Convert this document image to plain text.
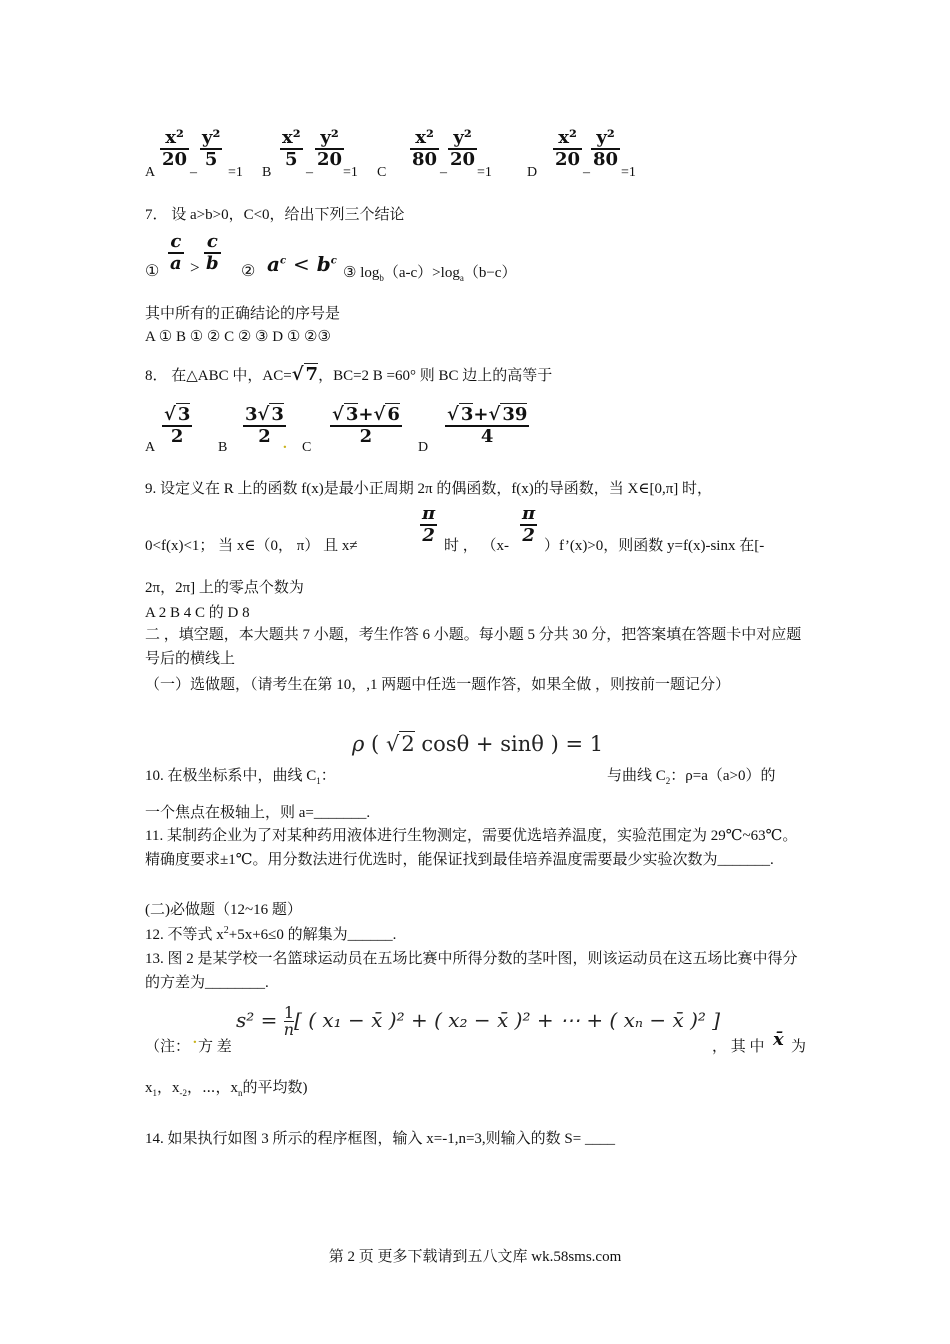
A
$\frac{\text{x²}}{20}$
–
$\frac{\text{y²}}{5}$
=1 B
$\frac{\text{x²}}{5}$
–
$\frac{\text{y²}}{20}$
=1 C
$\frac{\text{x²}}{80}$
–
$\frac{\text{y²}}{20}$
=1	D
$\frac{\text{x²}}{20}$
–
$\frac{\text{y²}}{80}$
=1
7． 设 a>b>0，C<0，给出下列三个结论
① $\frac{c}{a} > \frac{c}{b}$ ② $a^c < b^c$
③ $\log_b(a-c)>\log_a(b-c)$
其中所有的正确结论的序号是
A ① B ① ② C ② ③ D ① ②③
8． 在△ABC 中，AC=√ 7，BC=2 B =60° 则 BC 边上的高等于
A
$\frac{√ 3}{2}$
B
$\frac{3√ 3}{2}$
. C
$\frac{√ 3+√ 6}{2}$
D
$\frac{√ 3+√ 39}{4}$
9. 设定义在 R 上的函数 f(x)是最小正周期 2π 的偶函数，f(x)的导函数，当 X∈[0,π] 时，
0<f(x)<1； 当 x∈（0， π） 且 x≠	$\frac{\pi}{2}$ 时 ， （$x- \frac{\pi}{2}$ ）f’(x)>0，则函数 y=f(x)-sinx 在[-
2π，2π] 上的零点个数为
A 2 B 4 C 的 D 8
二 ，填空题，本大题共 7 小题，考生作答 6 小题。每小题 5 分共 30 分，把答案填在答题卡中对应题号后的横线上
（一）选做题，（请考生在第 10，,1 两题中任选一题作答，如果全做 ，则按前一题记分）
ρ ( √2 cosθ + sinθ ) = 1
10. 在极坐标系中，曲线 $C_1$：	与曲线 $C_2$：ρ=a（a>0）的
一个焦点在极轴上，则 a=_______.
11. 某制药企业为了对某种药用液体进行生物测定，需要优选培养温度，实验范围定为 29℃~63℃。精确度要求±1℃。用分数法进行优选时，能保证找到最佳培养温度需要最少实验次数为_______.
(二)必做题（12~16 题）
12. 不等式 $x^2+5x+6\le 0$ 的解集为______.
13. 图 2 是某学校一名篮球运动员在五场比赛中所得分数的茎叶图，则该运动员在这五场比赛中得分的方差为________.
$s^2 = \frac{1}{n}$ [ ( x₁ − x̄ )² + ( x₂ − x̄ )² + ⋯ + ( xₙ − x̄ )² ]
（注： . 方 差	， 其 中 x̄ 为
$x_1$，$x_{-2}$，⋯，$x_n$的平均数)
14. 如果执行如图 3 所示的程序框图，输入 x=-1,n=3,则输入的数 S= ____
第 2 页 更多下载请到五八文库 wk.58sms.com
